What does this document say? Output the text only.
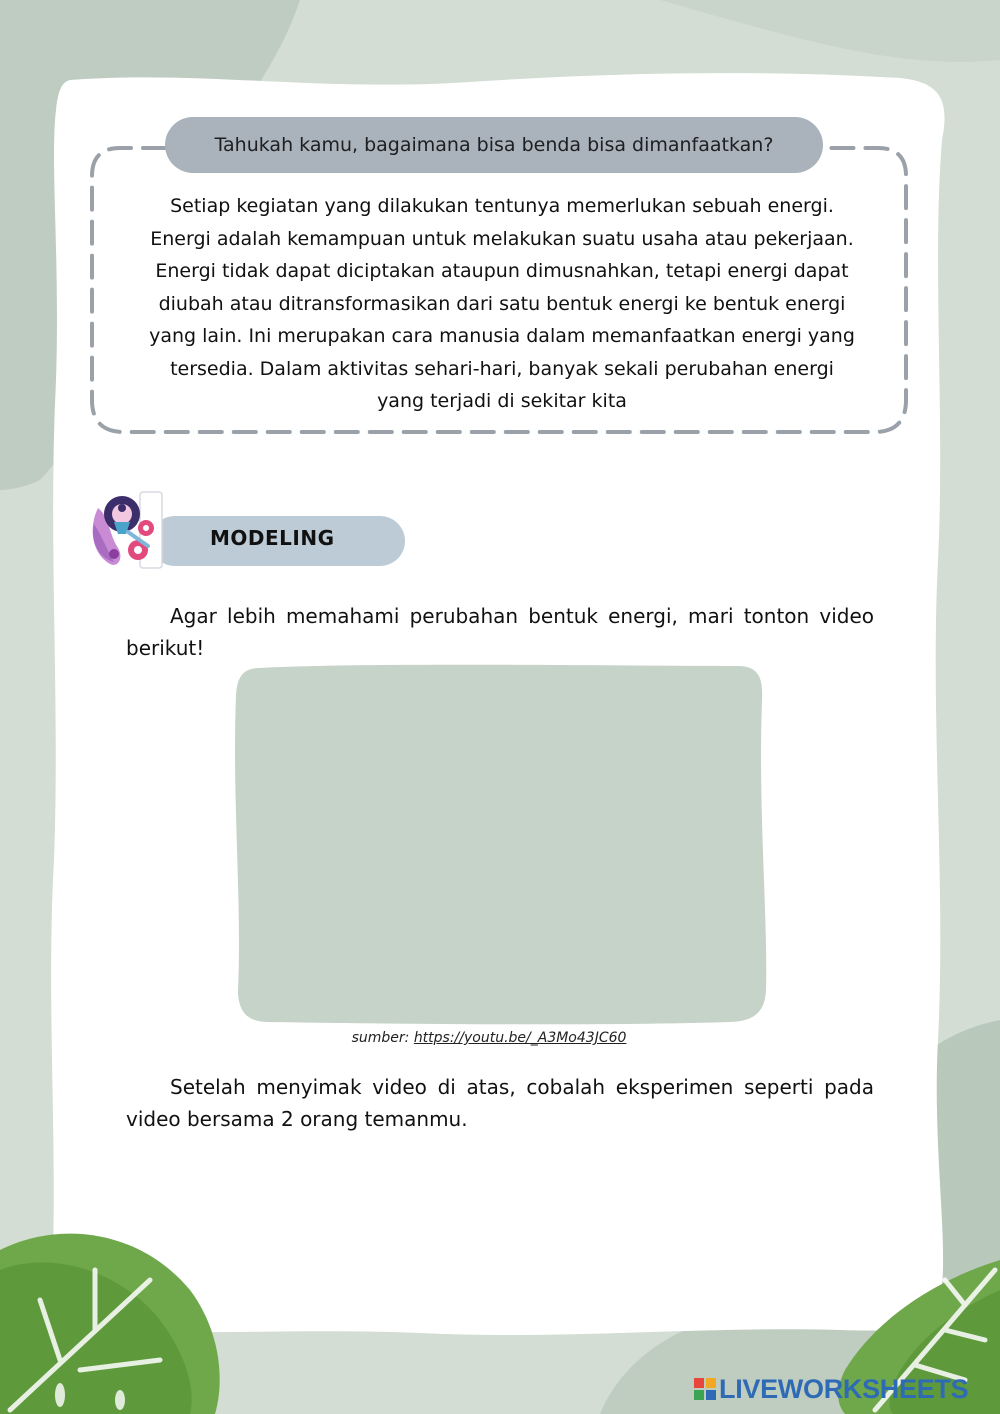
Tahukah kamu, bagaimana bisa benda bisa dimanfaatkan?
Setiap kegiatan yang dilakukan tentunya memerlukan sebuah energi.
Energi adalah kemampuan untuk melakukan suatu usaha atau pekerjaan.
Energi tidak dapat diciptakan ataupun dimusnahkan, tetapi energi dapat
diubah atau ditransformasikan dari satu bentuk energi ke bentuk energi
yang lain. Ini merupakan cara manusia dalam memanfaatkan energi yang
tersedia. Dalam aktivitas sehari-hari, banyak sekali perubahan energi
yang terjadi di sekitar kita
MODELING
Agar lebih memahami perubahan bentuk energi, mari tonton video berikut!
sumber: https://youtu.be/_A3Mo43JC60
Setelah menyimak video di atas, cobalah eksperimen seperti pada video bersama 2 orang temanmu.
LIVEWORKSHEETS
